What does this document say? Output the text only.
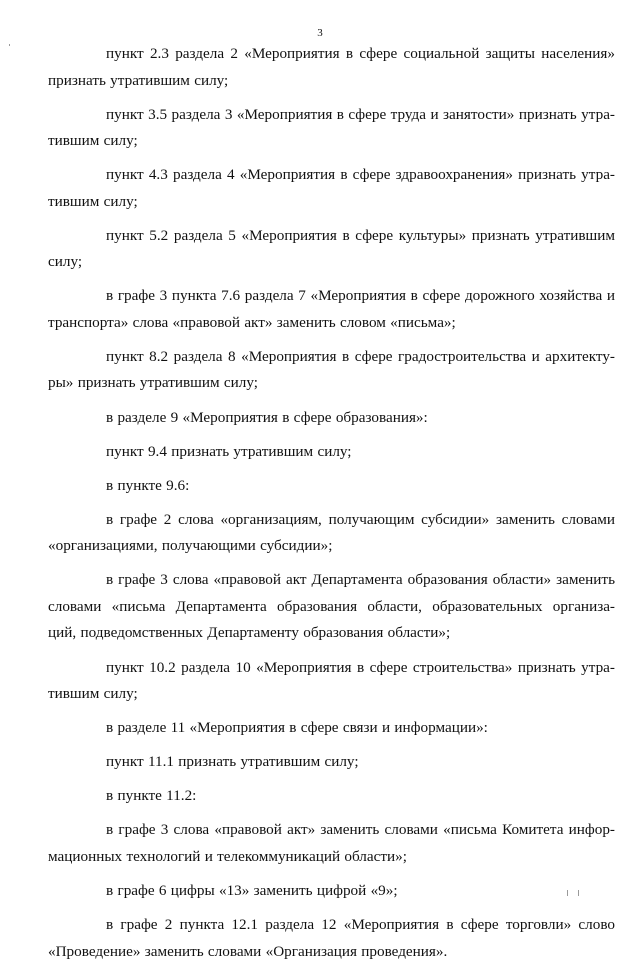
3

пункт 2.3 раздела 2 «Мероприятия в сфере социальной защиты населения»
признать утратившим силу;

пункт 3.5 раздела 3 «Мероприятия в сфере труда и занятости» признать утра-
тившим силу;

пункт 4.3 раздела 4 «Мероприятия в сфере здравоохранения» признать утра-
тившим силу;

пункт 5.2 раздела 5 «Мероприятия в сфере культуры» признать утратившим
силу;

в графе 3 пункта 7.6 раздела 7 «Мероприятия в сфере дорожного хозяйства и
транспорта» слова «правовой акт» заменить словом «письма»;

пункт 8.2 раздела 8 «Мероприятия в сфере градостроительства и архитекту-
ры» признать утратившим силу;

в разделе 9 «Мероприятия в сфере образования»:

пункт 9.4 признать утратившим силу;

в пункте 9.6:

в графе 2 слова «организациям, получающим субсидии» заменить словами
«организациями, получающими субсидии»;

в графе 3 слова «правовой акт Департамента образования области» заменить
словами «письма Департамента образования области, образовательных организа-
ций, подведомственных Департаменту образования области»;

пункт 10.2 раздела 10 «Мероприятия в сфере строительства» признать утра-
тившим силу;

в разделе 11 «Мероприятия в сфере связи и информации»:

пункт 11.1 признать утратившим силу;

в пункте 11.2:

в графе 3 слова «правовой акт» заменить словами «письма Комитета инфор-
мационных технологий и телекоммуникаций области»;

в графе 6 цифры «13» заменить цифрой «9»;

в графе 2 пункта 12.1 раздела 12 «Мероприятия в сфере торговли» слово
«Проведение» заменить словами «Организация проведения».
